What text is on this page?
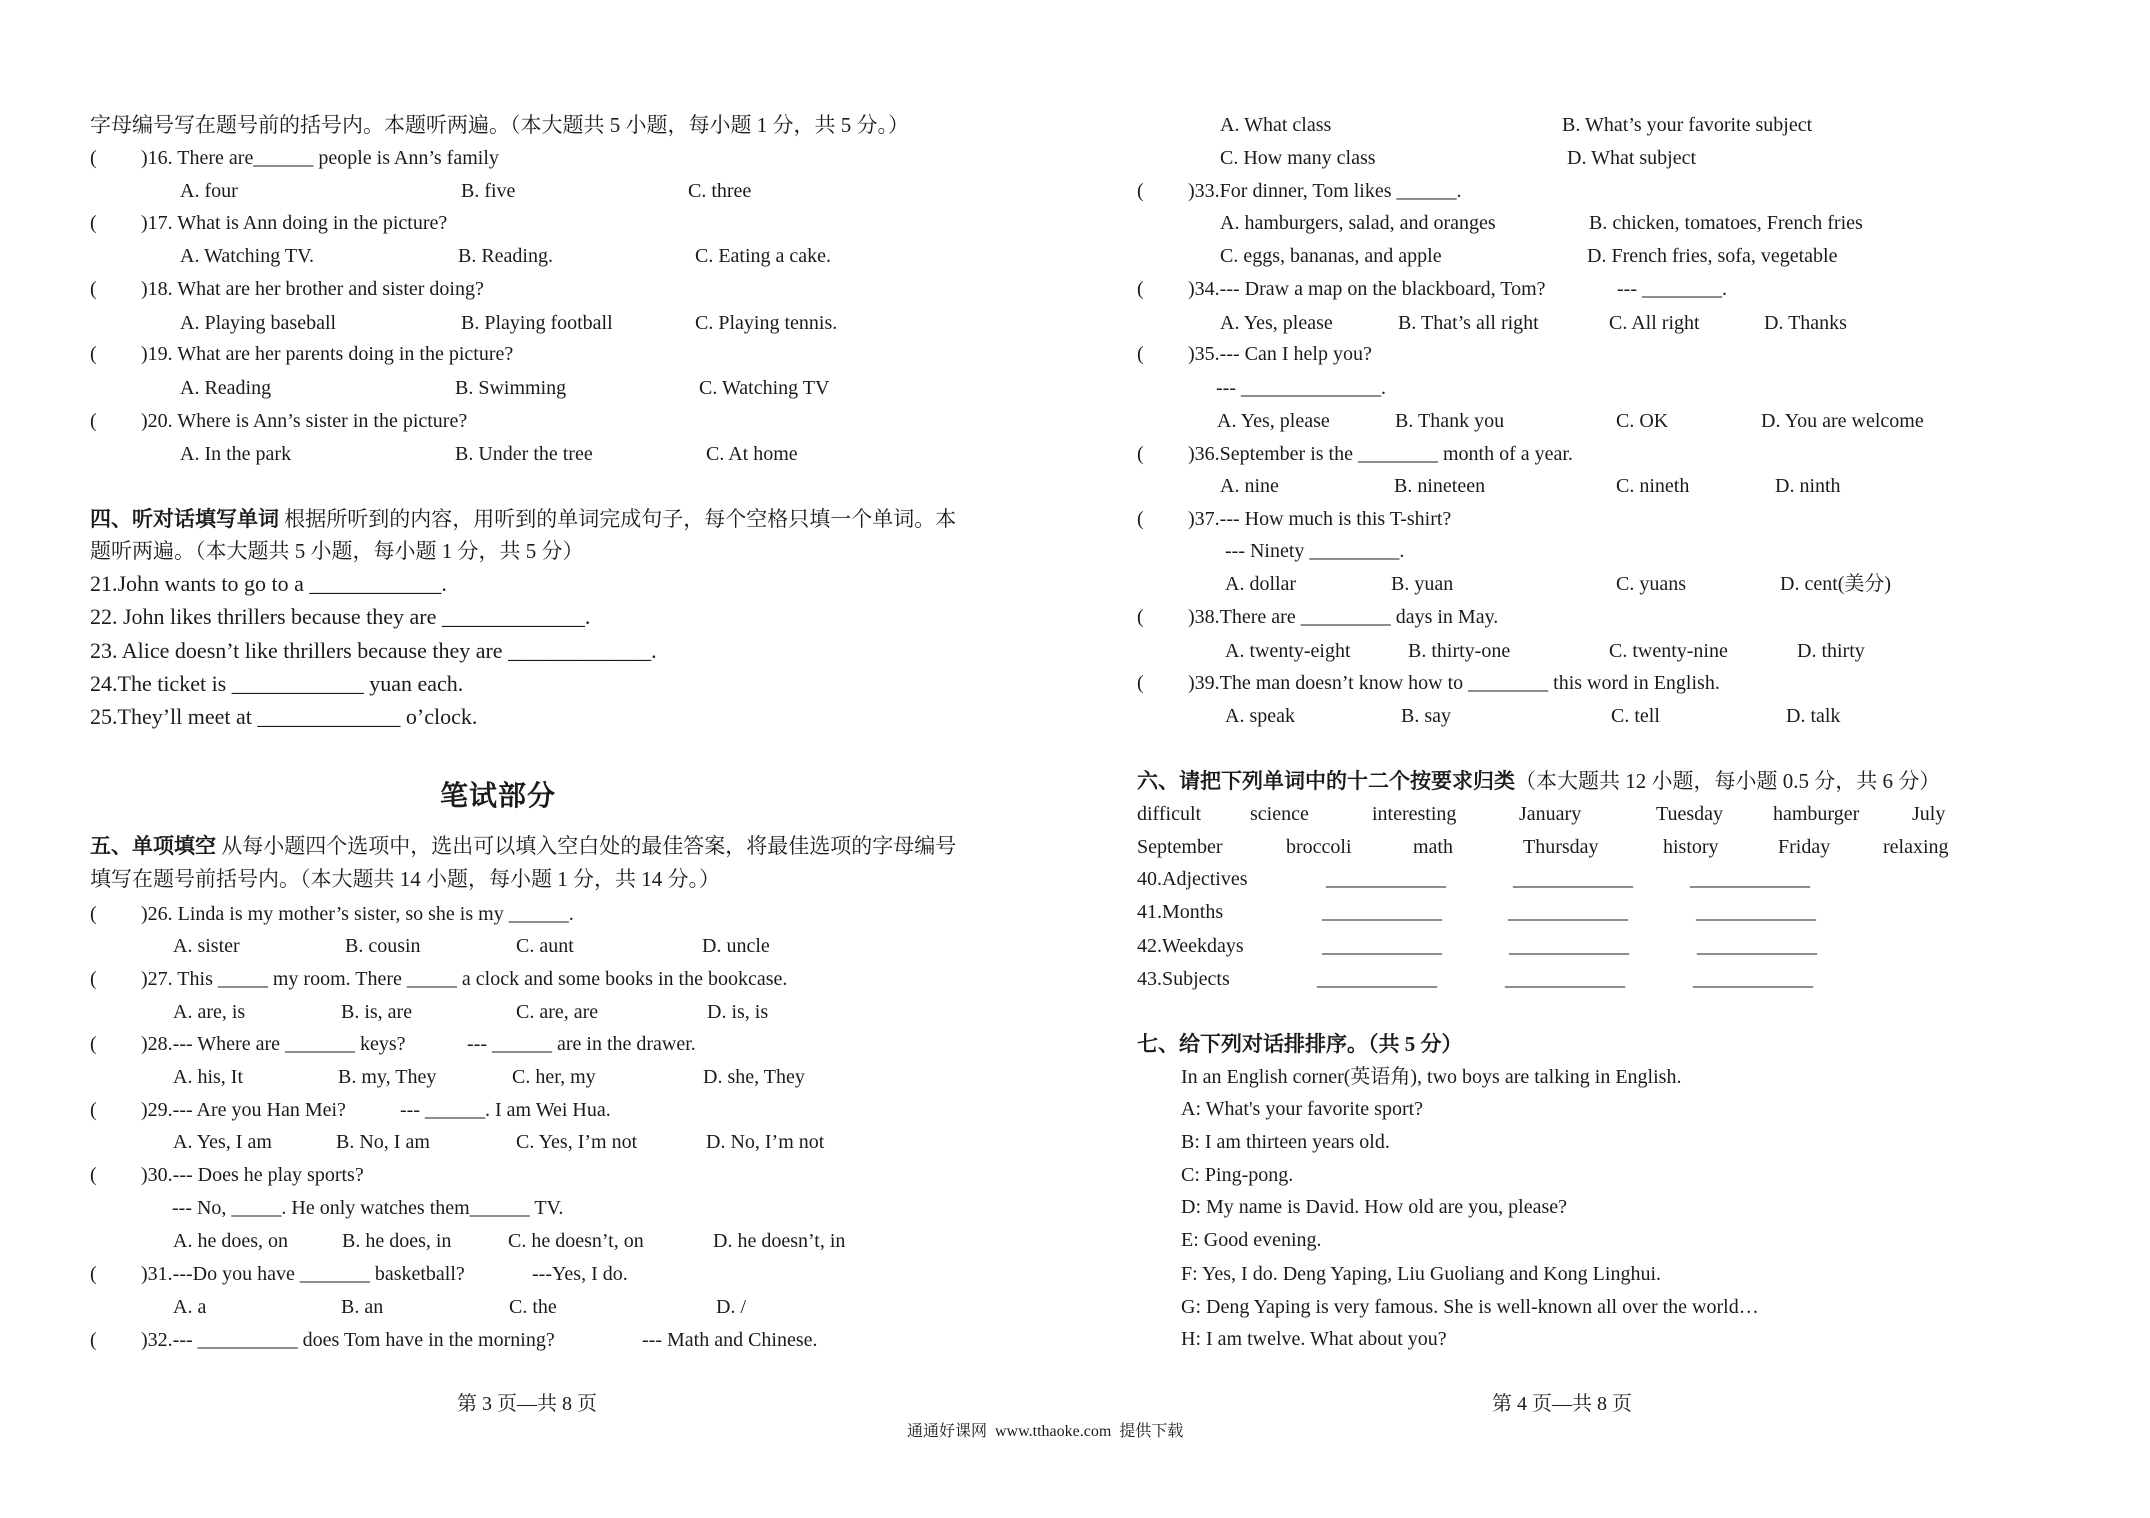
字母编号写在题号前的括号内。本题听两遍。（本大题共 5 小题，每小题 1 分，共 5 分。）
( )16. There are______ people is Ann’s family
A. four	B. five	C. three
( )17. What is Ann doing in the picture?
A. Watching TV.	B. Reading.	C. Eating a cake.
( )18. What are her brother and sister doing?
A. Playing baseball	B. Playing football	C. Playing tennis.
( )19. What are her parents doing in the picture?
A. Reading	B. Swimming	C. Watching TV
( )20. Where is Ann’s sister in the picture?
A. In the park	B. Under the tree	C. At home
四、听对话填写单词 根据所听到的内容，用听到的单词完成句子，每个空格只填一个单词。本
题听两遍。（本大题共 5 小题，每小题 1 分，共 5 分）
21.John wants to go to a ____________.
22. John likes thrillers because they are _____________.
23. Alice doesn’t like thrillers because they are _____________.
24.The ticket is ____________ yuan each.
25.They’ll meet at _____________ o’clock.
笔试部分
五、单项填空 从每小题四个选项中，选出可以填入空白处的最佳答案，将最佳选项的字母编号
填写在题号前括号内。（本大题共 14 小题，每小题 1 分，共 14 分。）
( )26. Linda is my mother’s sister, so she is my ______.
A. sister	B. cousin	C. aunt	D. uncle
( )27. This _____ my room. There _____ a clock and some books in the bookcase.
A. are, is	B. is, are	C. are, are	D. is, is
( )28.--- Where are _______ keys?	--- ______ are in the drawer.
A. his, It	B. my, They	C. her, my	D. she, They
( )29.--- Are you Han Mei?	--- ______. I am Wei Hua.
A. Yes, I am	B. No, I am	C. Yes, I’m not	D. No, I’m not
( )30.--- Does he play sports?
--- No, _____. He only watches them______ TV.
A. he does, on	B. he does, in	C. he doesn’t, on	D. he doesn’t, in
( )31.---Do you have _______ basketball?	---Yes, I do.
A. a	B. an	C. the	D. /
( )32.--- __________ does Tom have in the morning?	--- Math and Chinese.
第 3 页—共 8 页
A. What class	B. What’s your favorite subject
C. How many class	D. What subject
( )33.For dinner, Tom likes ______.
A. hamburgers, salad, and oranges	B. chicken, tomatoes, French fries
C. eggs, bananas, and apple	D. French fries, sofa, vegetable
( )34.--- Draw a map on the blackboard, Tom?	--- ________.
A. Yes, please	B. That’s all right	C. All right	D. Thanks
( )35.--- Can I help you?
--- ______________.
A. Yes, please	B. Thank you	C. OK	D. You are welcome
( )36.September is the ________ month of a year.
A. nine	B. nineteen	C. nineth	D. ninth
( )37.--- How much is this T-shirt?
--- Ninety _________.
A. dollar	B. yuan	C. yuans	D. cent(美分)
( )38.There are _________ days in May.
A. twenty-eight	B. thirty-one	C. twenty-nine	D. thirty
( )39.The man doesn’t know how to ________ this word in English.
A. speak	B. say	C. tell	D. talk
六、请把下列单词中的十二个按要求归类（本大题共 12 小题，每小题 0.5 分，共 6 分）
difficult science	interesting	January	Tuesday hamburger	July
September	broccoli	math	Thursday	history	Friday	relaxing
40.Adjectives	____________	____________	____________
41.Months	____________	____________	____________
42.Weekdays	____________	____________	____________
43.Subjects	____________	____________	____________
七、给下列对话排排序。（共 5 分）
In an English corner(英语角), two boys are talking in English.
A: What's your favorite sport?
B: I am thirteen years old.
C: Ping-pong.
D: My name is David. How old are you, please?
E: Good evening.
F: Yes, I do. Deng Yaping, Liu Guoliang and Kong Linghui.
G: Deng Yaping is very famous. She is well-known all over the world…
H: I am twelve. What about you?
第 4 页—共 8 页
通通好课网  www.tthaoke.com  提供下载
